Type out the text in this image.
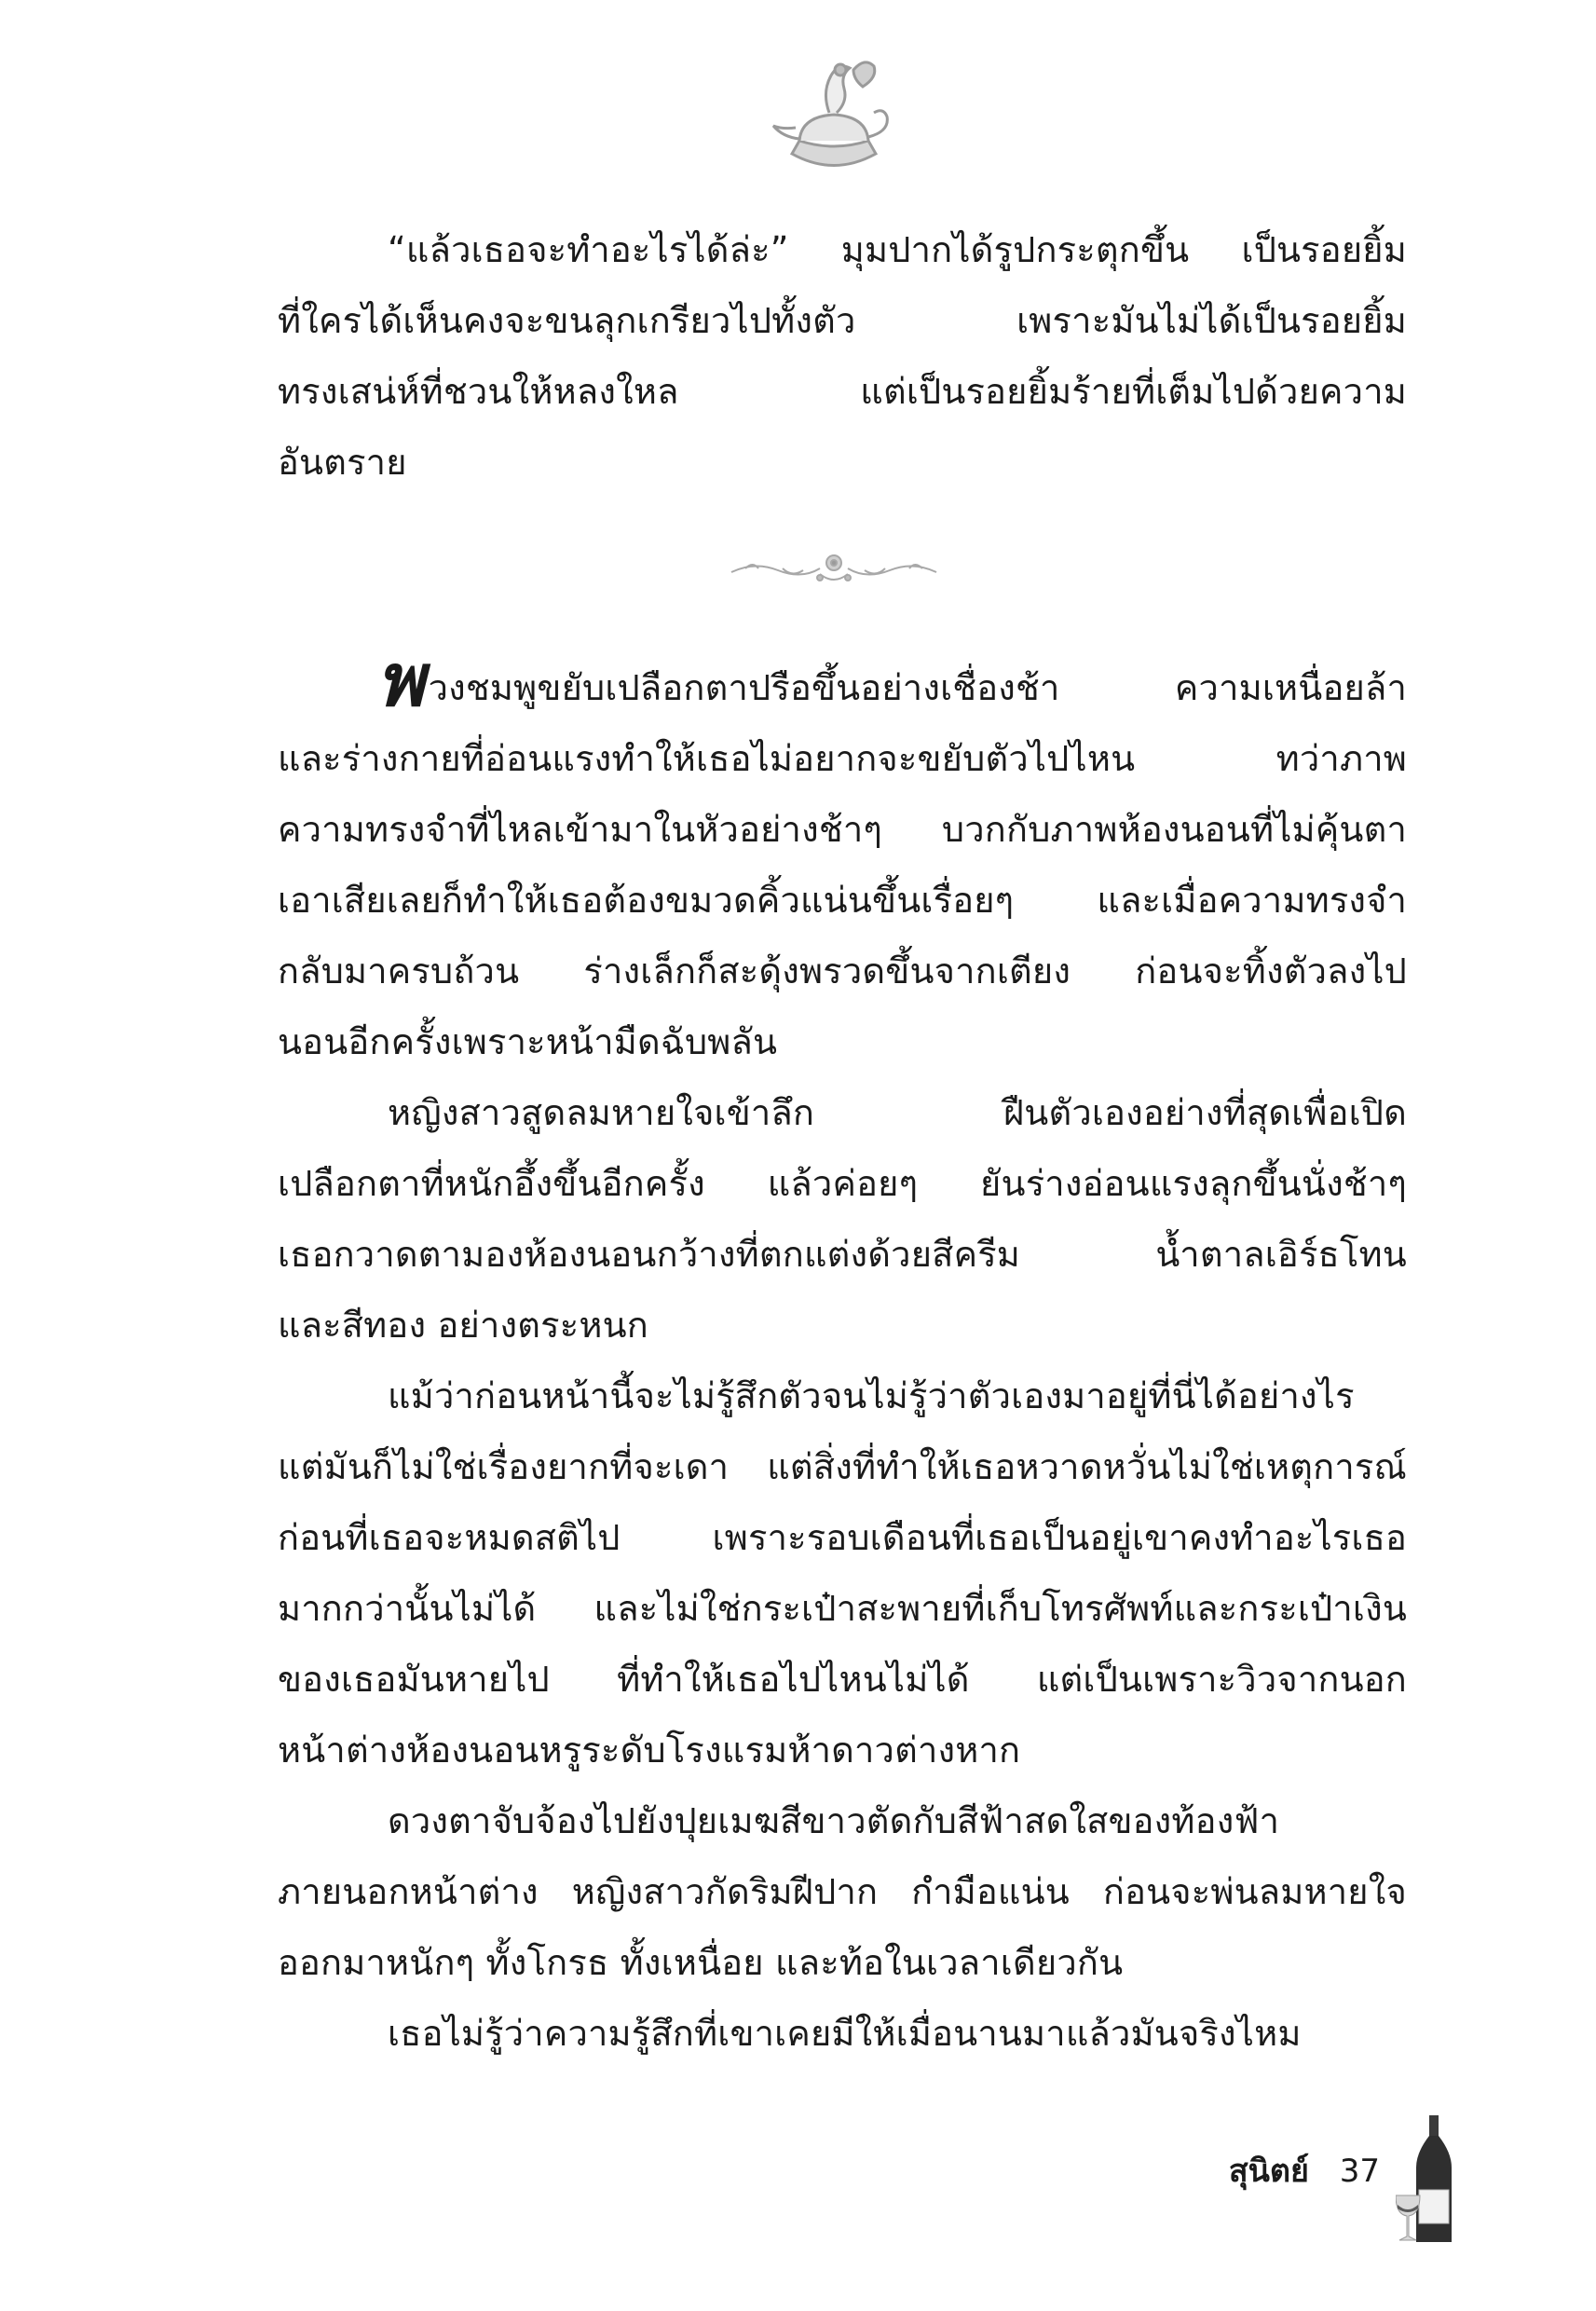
“แล้วเธอจะทำอะไรได้ล่ะ” มุมปากได้รูปกระตุกขึ้น เป็นรอยยิ้ม
ที่ใครได้เห็นคงจะขนลุกเกรียวไปทั้งตัว เพราะมันไม่ได้เป็นรอยยิ้ม
ทรงเสน่ห์ที่ชวนให้หลงใหล แต่เป็นรอยยิ้มร้ายที่เต็มไปด้วยความ
อันตราย
พวงชมพูขยับเปลือกตาปรือขึ้นอย่างเชื่องช้า ความเหนื่อยล้า
และร่างกายที่อ่อนแรงทำให้เธอไม่อยากจะขยับตัวไปไหน ทว่าภาพ
ความทรงจำที่ไหลเข้ามาในหัวอย่างช้าๆ บวกกับภาพห้องนอนที่ไม่คุ้นตา
เอาเสียเลยก็ทำให้เธอต้องขมวดคิ้วแน่นขึ้นเรื่อยๆ และเมื่อความทรงจำ
กลับมาครบถ้วน ร่างเล็กก็สะดุ้งพรวดขึ้นจากเตียง ก่อนจะทิ้งตัวลงไป
นอนอีกครั้งเพราะหน้ามืดฉับพลัน
หญิงสาวสูดลมหายใจเข้าลึก ฝืนตัวเองอย่างที่สุดเพื่อเปิด
เปลือกตาที่หนักอึ้งขึ้นอีกครั้ง แล้วค่อยๆ ยันร่างอ่อนแรงลุกขึ้นนั่งช้าๆ
เธอกวาดตามองห้องนอนกว้างที่ตกแต่งด้วยสีครีม น้ำตาลเอิร์ธโทน
และสีทอง อย่างตระหนก
แม้ว่าก่อนหน้านี้จะไม่รู้สึกตัวจนไม่รู้ว่าตัวเองมาอยู่ที่นี่ได้อย่างไร
แต่มันก็ไม่ใช่เรื่องยากที่จะเดา แต่สิ่งที่ทำให้เธอหวาดหวั่นไม่ใช่เหตุการณ์
ก่อนที่เธอจะหมดสติไป เพราะรอบเดือนที่เธอเป็นอยู่เขาคงทำอะไรเธอ
มากกว่านั้นไม่ได้ และไม่ใช่กระเป๋าสะพายที่เก็บโทรศัพท์และกระเป๋าเงิน
ของเธอมันหายไป ที่ทำให้เธอไปไหนไม่ได้ แต่เป็นเพราะวิวจากนอก
หน้าต่างห้องนอนหรูระดับโรงแรมห้าดาวต่างหาก
ดวงตาจับจ้องไปยังปุยเมฆสีขาวตัดกับสีฟ้าสดใสของท้องฟ้า
ภายนอกหน้าต่าง หญิงสาวกัดริมฝีปาก กำมือแน่น ก่อนจะพ่นลมหายใจ
ออกมาหนักๆ ทั้งโกรธ ทั้งเหนื่อย และท้อในเวลาเดียวกัน
เธอไม่รู้ว่าความรู้สึกที่เขาเคยมีให้เมื่อนานมาแล้วมันจริงไหม
สุนิตย์ 37
